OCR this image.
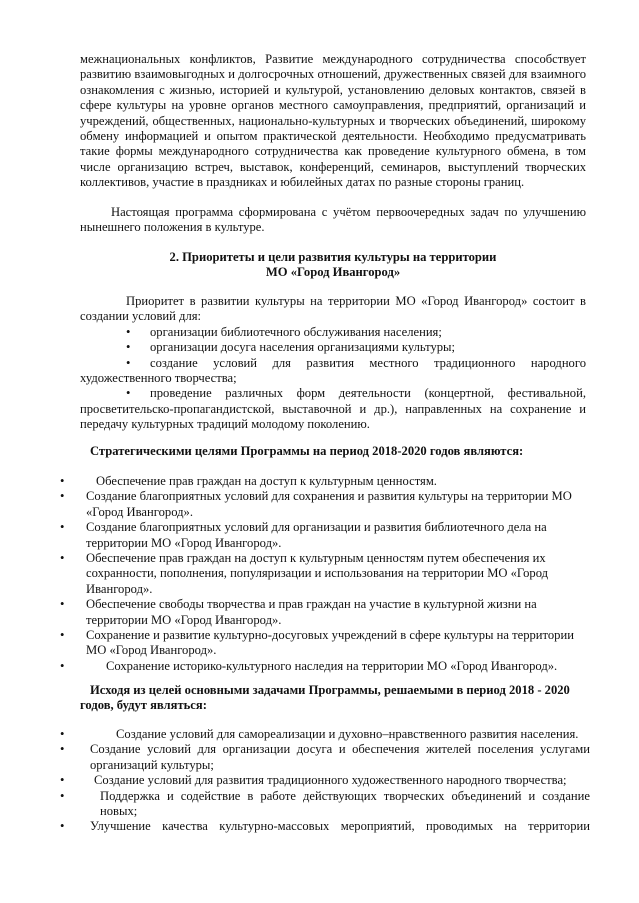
межнациональных конфликтов, Развитие международного сотрудничества способствует развитию взаимовыгодных и долгосрочных отношений, дружественных связей для взаимного ознакомления с жизнью, историей и культурой, установлению деловых контактов, связей в сфере культуры на уровне органов местного самоуправления, предприятий, организаций и учреждений, общественных, национально-культурных и творческих объединений, широкому обмену информацией и опытом практической деятельности. Необходимо предусматривать такие формы международного сотрудничества как проведение культурного обмена, в том числе организацию встреч, выставок, конференций, семинаров, выступлений творческих коллективов, участие в праздниках и юбилейных датах по разные стороны границ.

Настоящая программа сформирована с учётом первоочередных задач по улучшению нынешнего положения в культуре.

2. Приоритеты и цели развития культуры на территории
МО «Город Ивангород»

Приоритет в развитии культуры на территории МО «Город Ивангород» состоит в создании условий для:

• организации библиотечного обслуживания населения;
• организации досуга населения организациями культуры;
• создание условий для развития местного традиционного народного художественного творчества;
• проведение различных форм деятельности (концертной, фестивальной, просветительско-пропагандистской, выставочной и др.), направленных на сохранение и передачу культурных традиций молодому поколению.

Стратегическими целями Программы на период 2018-2020 годов являются:

•	Обеспечение прав граждан на доступ к культурным ценностям.
• Создание благоприятных условий для сохранения и развития культуры на территории МО «Город Ивангород».
• Создание благоприятных условий для организации и развития библиотечного дела на территории МО «Город Ивангород».
• Обеспечение прав граждан на доступ к культурным ценностям путем обеспечения их сохранности, пополнения, популяризации и использования на территории МО «Город Ивангород».
• Обеспечение свободы творчества и прав граждан на участие в культурной жизни на территории МО «Город Ивангород».
• Сохранение и развитие культурно-досуговых учреждений в сфере культуры на территории МО «Город Ивангород».
•	Сохранение историко-культурного наследия на территории МО «Город Ивангород».

Исходя из целей основными задачами Программы, решаемыми в период 2018 - 2020 годов, будут являться:

•	Создание условий для самореализации и духовно–нравственного развития населения.
• Создание условий для организации досуга и обеспечения жителей поселения услугами организаций культуры;
• Создание условий для развития традиционного художественного народного творчества;
•	Поддержка и содействие в работе действующих творческих объединений и создание новых;
• Улучшение качества культурно-массовых мероприятий, проводимых на территории
